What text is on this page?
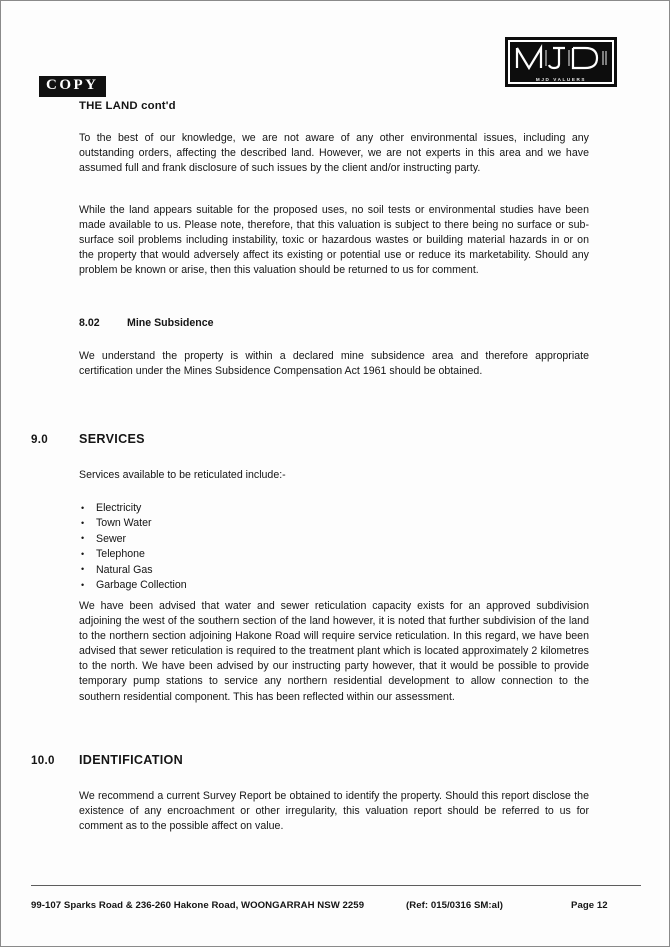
MJD VALUERS
COPY
THE LAND cont'd
To the best of our knowledge, we are not aware of any other environmental issues, including any outstanding orders, affecting the described land. However, we are not experts in this area and we have assumed full and frank disclosure of such issues by the client and/or instructing party.
While the land appears suitable for the proposed uses, no soil tests or environmental studies have been made available to us. Please note, therefore, that this valuation is subject to there being no surface or sub-surface soil problems including instability, toxic or hazardous wastes or building material hazards in or on the property that would adversely affect its existing or potential use or reduce its marketability. Should any problem be known or arise, then this valuation should be returned to us for comment.
8.02	Mine Subsidence
We understand the property is within a declared mine subsidence area and therefore appropriate certification under the Mines Subsidence Compensation Act 1961 should be obtained.
9.0 SERVICES
Services available to be reticulated include:-
• Electricity
• Town Water
• Sewer
• Telephone
• Natural Gas
• Garbage Collection
We have been advised that water and sewer reticulation capacity exists for an approved subdivision adjoining the west of the southern section of the land however, it is noted that further subdivision of the land to the northern section adjoining Hakone Road will require service reticulation. In this regard, we have been advised that sewer reticulation is required to the treatment plant which is located approximately 2 kilometres to the north. We have been advised by our instructing party however, that it would be possible to provide temporary pump stations to service any northern residential development to allow connection to the southern residential component. This has been reflected within our assessment.
10.0 IDENTIFICATION
We recommend a current Survey Report be obtained to identify the property. Should this report disclose the existence of any encroachment or other irregularity, this valuation report should be referred to us for comment as to the possible affect on value.
99-107 Sparks Road & 236-260 Hakone Road, WOONGARRAH NSW 2259	(Ref: 015/0316 SM:al)	Page 12
